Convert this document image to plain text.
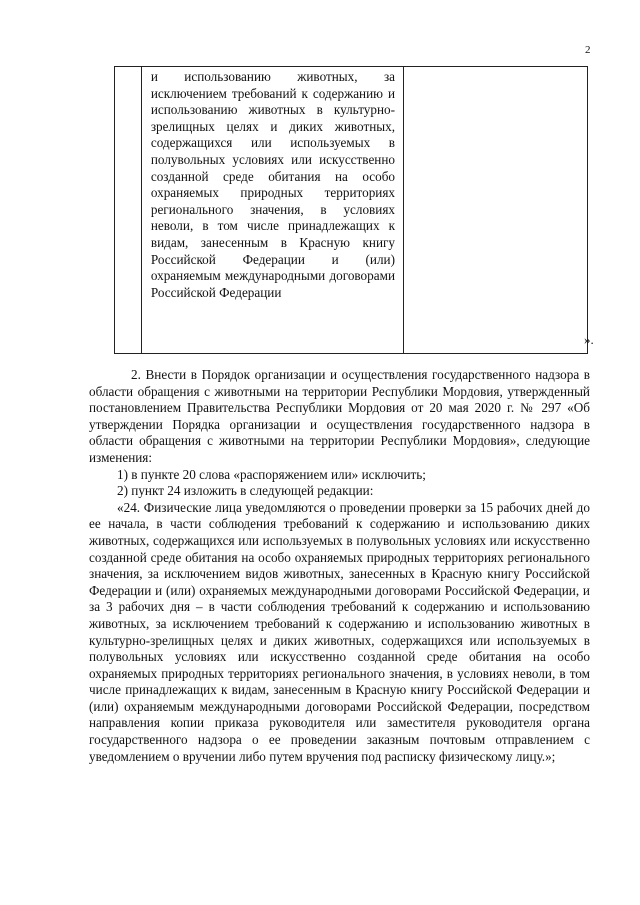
2

и использованию животных, за исключением требований к содержанию и использованию животных в культурно-зрелищных целях и диких животных, содержащихся или используемых в полувольных условиях или искусственно созданной среде обитания на особо охраняемых природных территориях регионального значения, в условиях неволи, в том числе принадлежащих к видам, занесенным в Красную книгу Российской Федерации и (или) охраняемым международными договорами Российской Федерации

».

2. Внести в Порядок организации и осуществления государственного надзора в области обращения с животными на территории Республики Мордовия, утвержденный постановлением Правительства Республики Мордовия от 20 мая 2020 г. № 297 «Об утверждении Порядка организации и осуществления государственного надзора в области обращения с животными на территории Республики Мордовия», следующие изменения:

1) в пункте 20 слова «распоряжением или» исключить;

2) пункт 24 изложить в следующей редакции:

«24. Физические лица уведомляются о проведении проверки за 15 рабочих дней до ее начала, в части соблюдения требований к содержанию и использованию диких животных, содержащихся или используемых в полувольных условиях или искусственно созданной среде обитания на особо охраняемых природных территориях регионального значения, за исключением видов животных, занесенных в Красную книгу Российской Федерации и (или) охраняемых международными договорами Российской Федерации, и за 3 рабочих дня – в части соблюдения требований к содержанию и использованию животных, за исключением требований к содержанию и использованию животных в культурно-зрелищных целях и диких животных, содержащихся или используемых в полувольных условиях или искусственно созданной среде обитания на особо охраняемых природных территориях регионального значения, в условиях неволи, в том числе принадлежащих к видам, занесенным в Красную книгу Российской Федерации и (или) охраняемым международными договорами Российской Федерации, посредством направления копии приказа руководителя или заместителя руководителя органа государственного надзора о ее проведении заказным почтовым отправлением с уведомлением о вручении либо путем вручения под расписку физическому лицу.»;
